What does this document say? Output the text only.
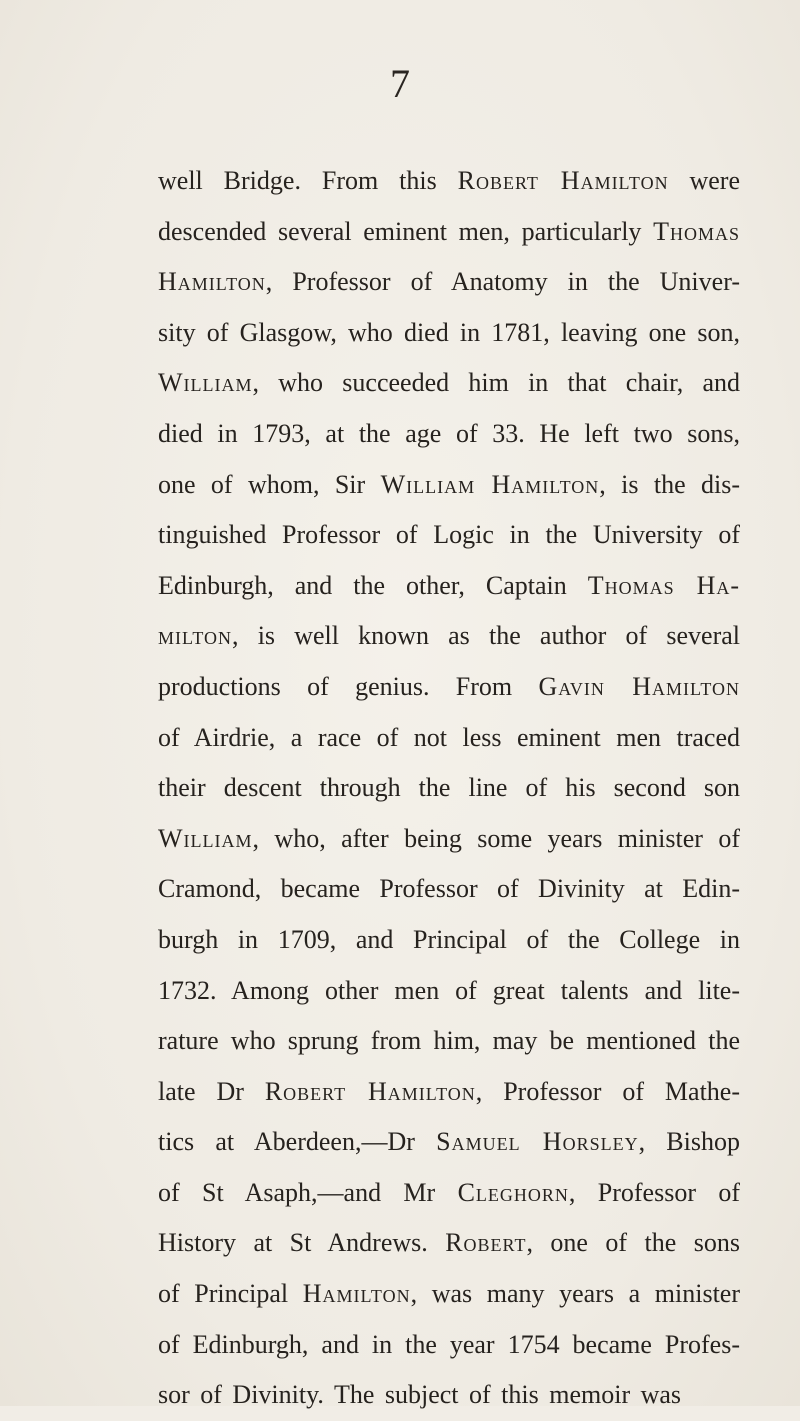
7
well Bridge. From this Robert Hamilton were
descended several eminent men, particularly Thomas
Hamilton, Professor of Anatomy in the Univer-
sity of Glasgow, who died in 1781, leaving one son,
William, who succeeded him in that chair, and
died in 1793, at the age of 33. He left two sons,
one of whom, Sir William Hamilton, is the dis-
tinguished Professor of Logic in the University of
Edinburgh, and the other, Captain Thomas Ha-
milton, is well known as the author of several
productions of genius. From Gavin Hamilton
of Airdrie, a race of not less eminent men traced
their descent through the line of his second son
William, who, after being some years minister of
Cramond, became Professor of Divinity at Edin-
burgh in 1709, and Principal of the College in
1732. Among other men of great talents and lite-
rature who sprung from him, may be mentioned the
late Dr Robert Hamilton, Professor of Mathe-
tics at Aberdeen,—Dr Samuel Horsley, Bishop
of St Asaph,—and Mr Cleghorn, Professor of
History at St Andrews. Robert, one of the sons
of Principal Hamilton, was many years a minister
of Edinburgh, and in the year 1754 became Profes-
sor of Divinity. The subject of this memoir was
